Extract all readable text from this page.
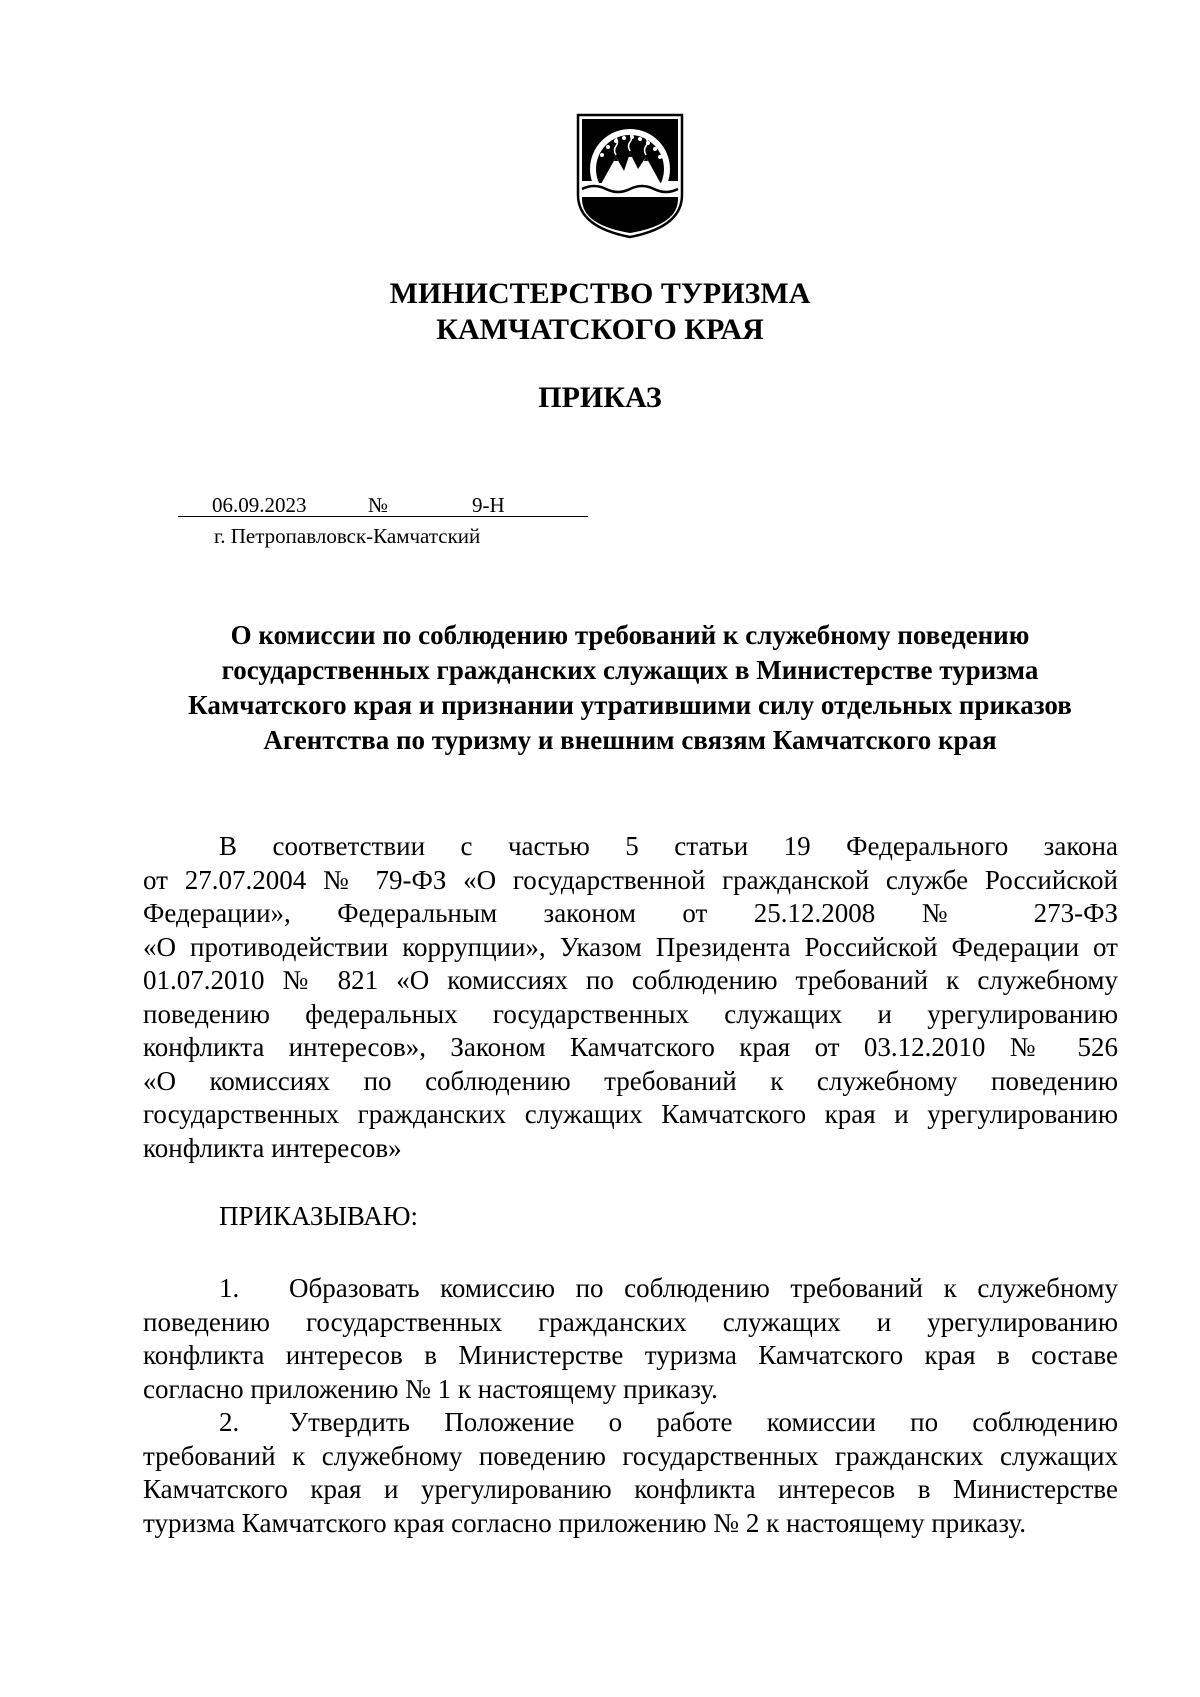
МИНИСТЕРСТВО ТУРИЗМА
КАМЧАТСКОГО КРАЯ
ПРИКАЗ
06.09.2023	№	9-Н
г. Петропавловск-Камчатский
О комиссии по соблюдению требований к служебному поведению
государственных гражданских служащих в Министерстве туризма
Камчатского края и признании утратившими силу отдельных приказов
Агентства по туризму и внешним связям Камчатского края
В соответствии с частью 5 статьи 19 Федерального закона
от 27.07.2004 № 79-ФЗ «О государственной гражданской службе Российской
Федерации», Федеральным законом от 25.12.2008 № 273-ФЗ
«О противодействии коррупции», Указом Президента Российской Федерации от
01.07.2010 № 821 «О комиссиях по соблюдению требований к служебному
поведению федеральных государственных служащих и урегулированию
конфликта интересов», Законом Камчатского края от 03.12.2010 № 526
«О комиссиях по соблюдению требований к служебному поведению
государственных гражданских служащих Камчатского края и урегулированию
конфликта интересов»
ПРИКАЗЫВАЮ:
1. Образовать комиссию по соблюдению требований к служебному
поведению государственных гражданских служащих и урегулированию
конфликта интересов в Министерстве туризма Камчатского края в составе
согласно приложению № 1 к настоящему приказу.
2. Утвердить Положение о работе комиссии по соблюдению
требований к служебному поведению государственных гражданских служащих
Камчатского края и урегулированию конфликта интересов в Министерстве
туризма Камчатского края согласно приложению № 2 к настоящему приказу.
